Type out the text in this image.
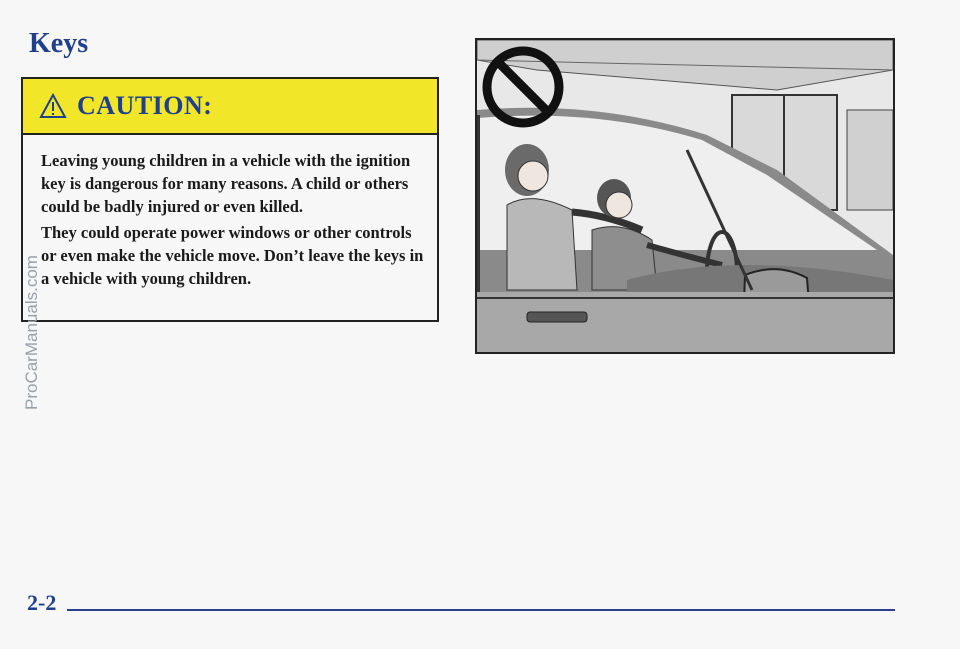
Keys
CAUTION:

Leaving young children in a vehicle with the ignition key is dangerous for many reasons. A child or others could be badly injured or even killed.

They could operate power windows or other controls or even make the vehicle move. Don’t leave the keys in a vehicle with young children.

ProCarManuals.com
2-2
